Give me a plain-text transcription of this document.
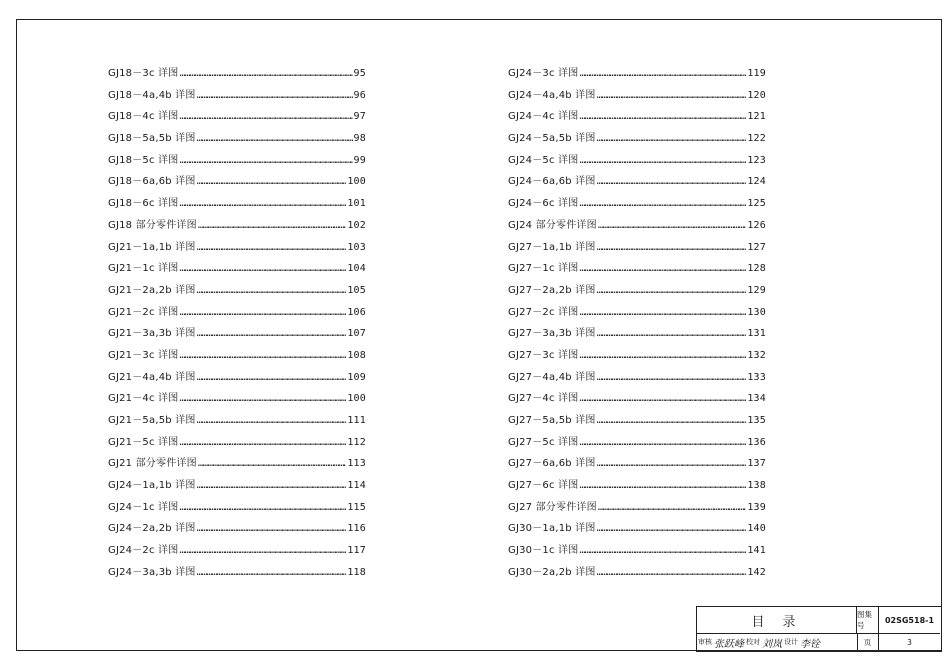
GJ18－3c 详图 ……………………………………………………………………………………………………………………	95
GJ18－4a,4b 详图 ……………………………………………………………………………………………………………………	96
GJ18－4c 详图 ……………………………………………………………………………………………………………………	97
GJ18－5a,5b 详图 ……………………………………………………………………………………………………………………	98
GJ18－5c 详图 ……………………………………………………………………………………………………………………	99
GJ18－6a,6b 详图 ……………………………………………………………………………………………………………………	100
GJ18－6c 详图 ……………………………………………………………………………………………………………………	101
GJ18 部分零件详图 ……………………………………………………………………………………………………………………	102
GJ21－1a,1b 详图 ……………………………………………………………………………………………………………………	103
GJ21－1c 详图 ……………………………………………………………………………………………………………………	104
GJ21－2a,2b 详图 ……………………………………………………………………………………………………………………	105
GJ21－2c 详图 ……………………………………………………………………………………………………………………	106
GJ21－3a,3b 详图 ……………………………………………………………………………………………………………………	107
GJ21－3c 详图 ……………………………………………………………………………………………………………………	108
GJ21－4a,4b 详图 ……………………………………………………………………………………………………………………	109
GJ21－4c 详图 ……………………………………………………………………………………………………………………	100
GJ21－5a,5b 详图 ……………………………………………………………………………………………………………………	111
GJ21－5c 详图 ……………………………………………………………………………………………………………………	112
GJ21 部分零件详图 ……………………………………………………………………………………………………………………	113
GJ24－1a,1b 详图 ……………………………………………………………………………………………………………………	114
GJ24－1c 详图 ……………………………………………………………………………………………………………………	115
GJ24－2a,2b 详图 ……………………………………………………………………………………………………………………	116
GJ24－2c 详图 ……………………………………………………………………………………………………………………	117
GJ24－3a,3b 详图 ……………………………………………………………………………………………………………………	118
GJ24－3c 详图 ……………………………………………………………………………………………………………………	119
GJ24－4a,4b 详图 ……………………………………………………………………………………………………………………	120
GJ24－4c 详图 ……………………………………………………………………………………………………………………	121
GJ24－5a,5b 详图 ……………………………………………………………………………………………………………………	122
GJ24－5c 详图 ……………………………………………………………………………………………………………………	123
GJ24－6a,6b 详图 ……………………………………………………………………………………………………………………	124
GJ24－6c 详图 ……………………………………………………………………………………………………………………	125
GJ24 部分零件详图 ……………………………………………………………………………………………………………………	126
GJ27－1a,1b 详图 ……………………………………………………………………………………………………………………	127
GJ27－1c 详图 ……………………………………………………………………………………………………………………	128
GJ27－2a,2b 详图 ……………………………………………………………………………………………………………………	129
GJ27－2c 详图 ……………………………………………………………………………………………………………………	130
GJ27－3a,3b 详图 ……………………………………………………………………………………………………………………	131
GJ27－3c 详图 ……………………………………………………………………………………………………………………	132
GJ27－4a,4b 详图 ……………………………………………………………………………………………………………………	133
GJ27－4c 详图 ……………………………………………………………………………………………………………………	134
GJ27－5a,5b 详图 ……………………………………………………………………………………………………………………	135
GJ27－5c 详图 ……………………………………………………………………………………………………………………	136
GJ27－6a,6b 详图 ……………………………………………………………………………………………………………………	137
GJ27－6c 详图 ……………………………………………………………………………………………………………………	138
GJ27 部分零件详图 ……………………………………………………………………………………………………………………	139
GJ30－1a,1b 详图 ……………………………………………………………………………………………………………………	140
GJ30－1c 详图 ……………………………………………………………………………………………………………………	141
GJ30－2a,2b 详图 ……………………………………………………………………………………………………………………	142
目录
审核 张跃峰 校对 刘岚 设计 李铨
图集号
02SG518-1
页	3
